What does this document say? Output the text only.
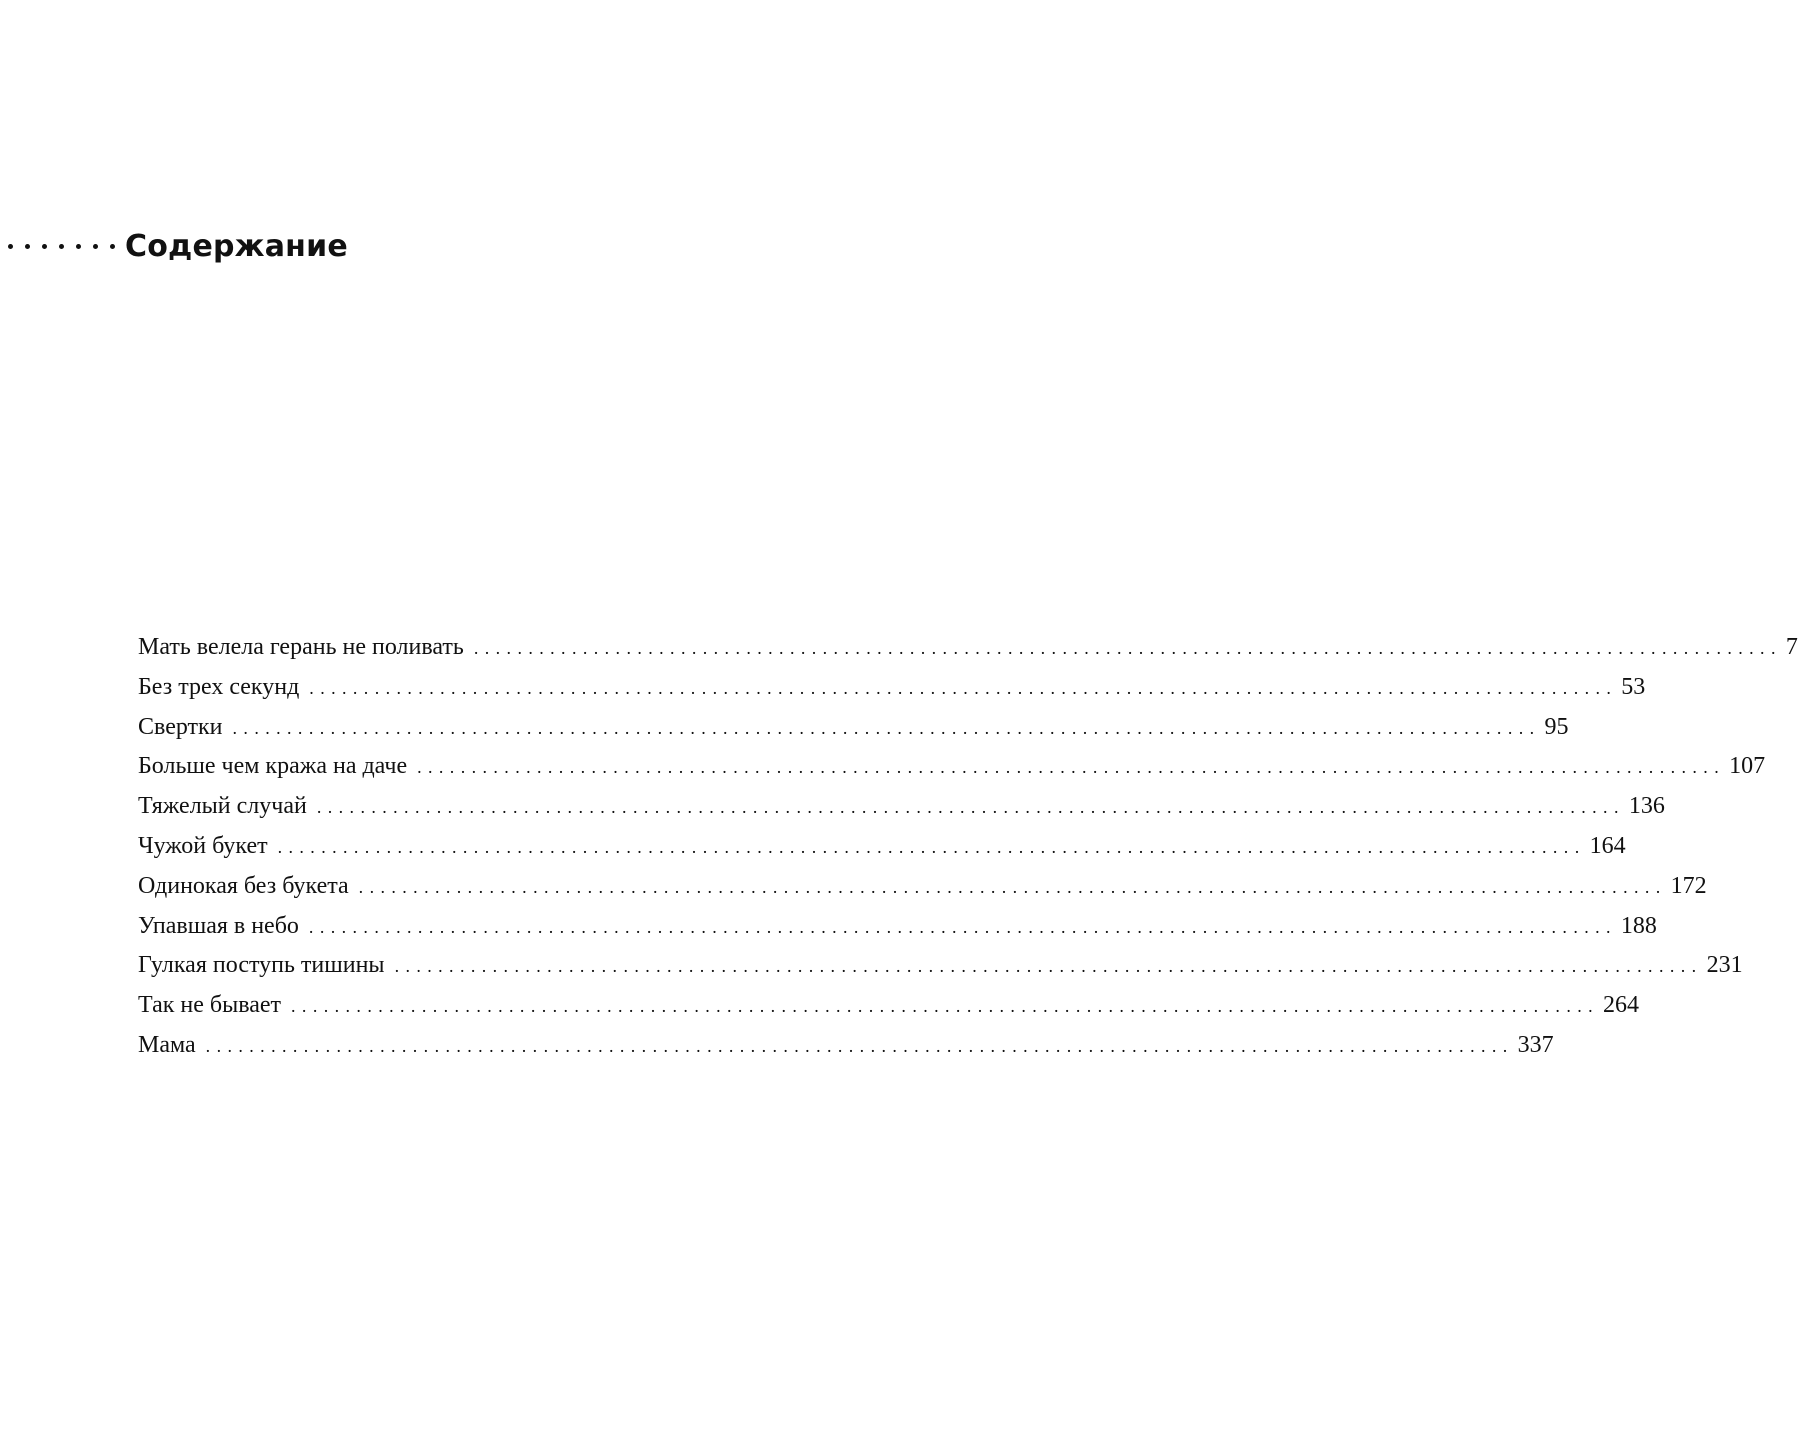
Содержание
Мать велела герань не поливать ........................................................................................................................ 7
Без трех секунд ........................................................................................................................ 53
Свертки ........................................................................................................................ 95
Больше чем кража на даче ........................................................................................................................ 107
Тяжелый случай ........................................................................................................................ 136
Чужой букет ........................................................................................................................ 164
Одинокая без букета ........................................................................................................................ 172
Упавшая в небо ........................................................................................................................ 188
Гулкая поступь тишины ........................................................................................................................ 231
Так не бывает ........................................................................................................................ 264
Мама ........................................................................................................................ 337
